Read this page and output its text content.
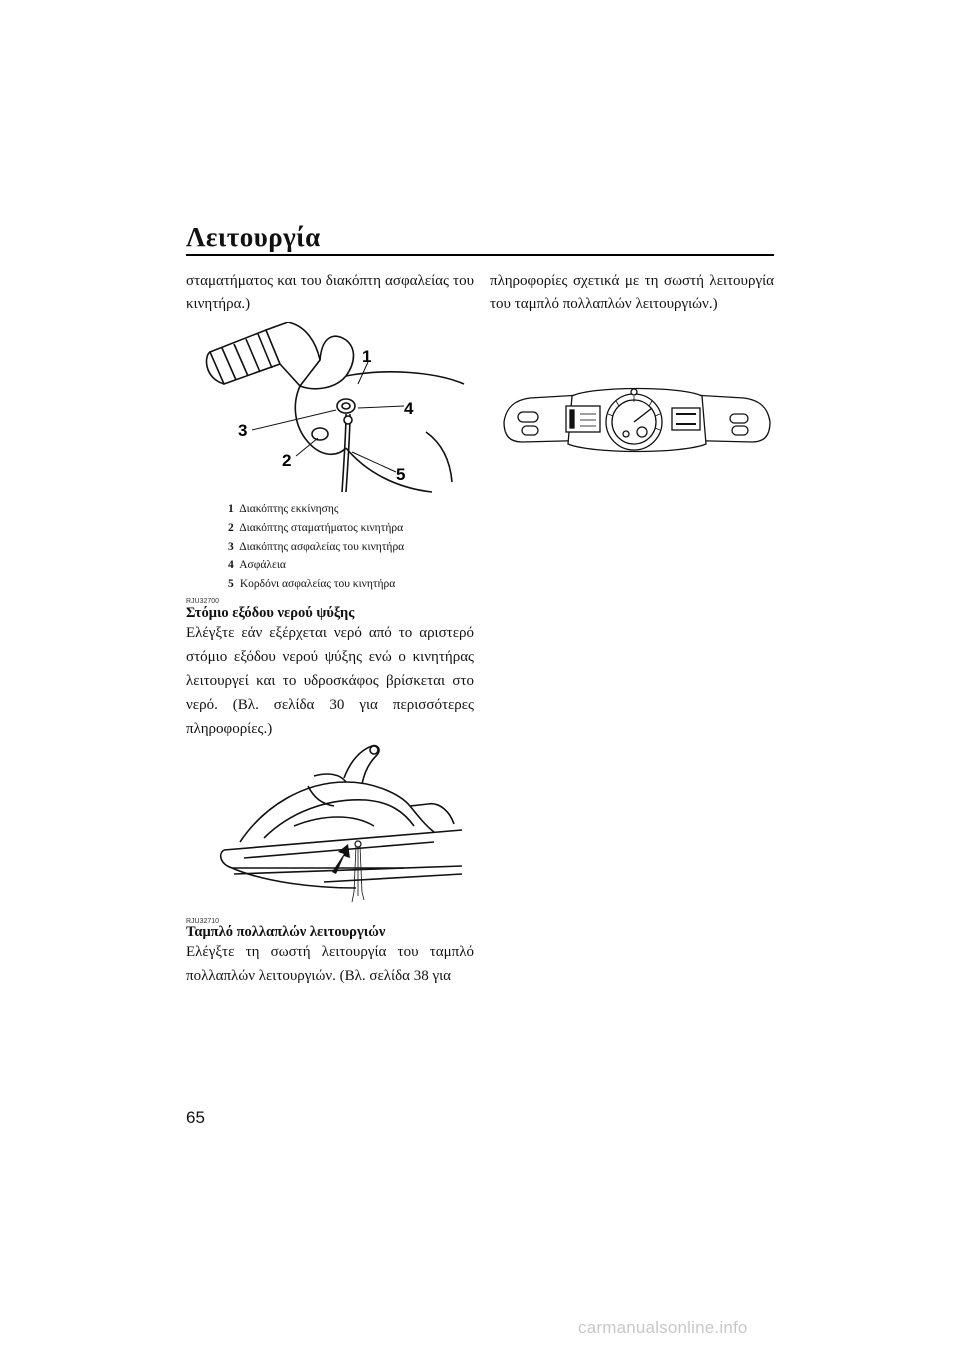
Λειτουργία

σταματήματος και του διακόπτη ασφαλείας του κινητήρα.)

πληροφορίες σχετικά με τη σωστή λειτουργία του ταμπλό πολλαπλών λειτουργιών.)

1
4
3
2
5
1 Διακόπτης εκκίνησης
2 Διακόπτης σταματήματος κινητήρα
3 Διακόπτης ασφαλείας του κινητήρα
4 Ασφάλεια
5 Κορδόνι ασφαλείας του κινητήρα
RJU32700
Στόμιο εξόδου νερού ψύξης

Ελέγξτε εάν εξέρχεται νερό από το αριστερό στόμιο εξόδου νερού ψύξης ενώ ο κινητήρας λειτουργεί και το υδροσκάφος βρίσκεται στο νερό. (Βλ. σελίδα 30 για περισσότερες πληροφορίες.)

RJU32710
Ταμπλό πολλαπλών λειτουργιών

Ελέγξτε τη σωστή λειτουργία του ταμπλό πολλαπλών λειτουργιών. (Βλ. σελίδα 38 για

65
carmanualsonline.info
